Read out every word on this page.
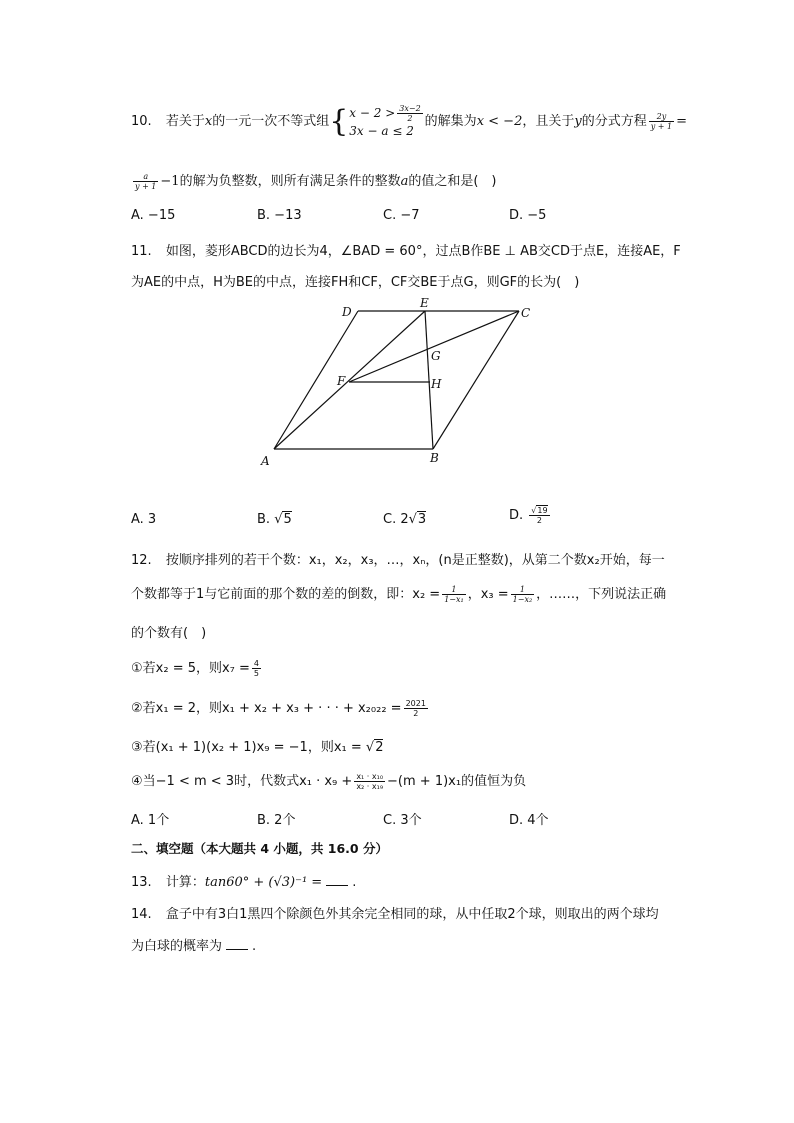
10. 若关于x的一元一次不等式组{$x - 2 > \frac{3x-2}{2}$

3x − a ≤ 2的解集为x < −2，且关于y的分式方程 $\frac{2y}{y + 1}$ =
$\frac{a}{y + 1} -1$的解为负整数，则所有满足条件的整数a的值之和是(　)
A. −15	B. −13	C. −7	D. −5
11. 如图，菱形ABCD的边长为4，∠BAD = 60°，过点B作BE ⊥ AB交CD于点E，连接AE，F
为AE的中点，H为BE的中点，连接FH和CF，CF交BE于点G，则GF的长为(　)
D
E
C
G
F	H
A	B
A. 3	B. √5	C. 2√3	D. $\frac{√19}{2}$
12. 按顺序排列的若干个数：x₁，x₂，x₃，…，xₙ，(n是正整数)，从第二个数x₂开始，每一
个数都等于1与它前面的那个数的差的倒数，即：$x_2 = \frac{1}{\text{1−x₁}}$ ，$x_3 = \frac{1}{\text{1−x₂}}$ ，……，下列说法正确
的个数有(　)
①若x₂ = 5，则$x_7 = \frac{4}{5}$
②若x₁ = 2，则x₁ + x₂ + x₃ + · · · + $x_{2022} = \frac{2021}{2}$
③若(x₁ + 1)(x₂ + 1)x₉ = −1，则x₁ = √2
④当−1 < m < 3时，代数式$x_1 \cdot x_9 + \frac{\text{x₁ · x₁₀}}{\text{x₂ · x₁₉}} -(m + 1)x_1$的值恒为负
A. 1个	B. 2个	C. 3个	D. 4个
二、填空题（本大题共 4 小题，共 16.0 分）
13. 计算：tan60° + (√3)⁻¹ = .
14. 盒子中有3白1黑四个除颜色外其余完全相同的球，从中任取2个球，则取出的两个球均
为白球的概率为 .
